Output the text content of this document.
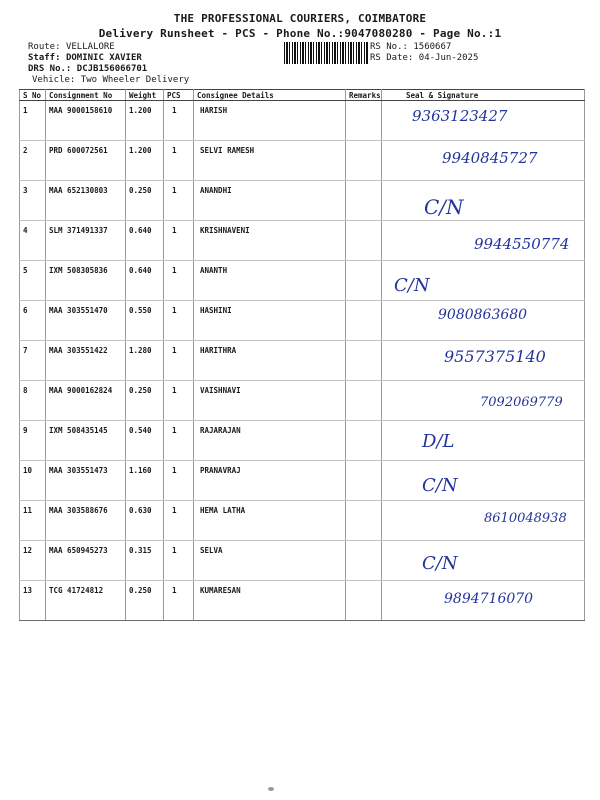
THE PROFESSIONAL COURIERS, COIMBATORE
Delivery Runsheet - PCS - Phone No.:9047080280 - Page No.:1
Route: VELLALORE
Staff: DOMINIC XAVIER
DRS No.: DCJB156066701
Vehicle: Two Wheeler Delivery
RS No.: 1560667
RS Date: 04-Jun-2025
S No	Consignment No	Weight	PCS	Consignee Details	Remarks	Seal & Signature
1	MAA 9000158610	1.200	1	HARISH		9363123427

2	PRD 600072561	1.200	1	SELVI RAMESH		9940845727

3	MAA 652130803	0.250	1	ANANDHI		C/N

4	SLM 371491337	0.640	1	KRISHNAVENI		9944550774

5	IXM 508305836	0.640	1	ANANTH		C/N

6	MAA 303551470	0.550	1	HASHINI		9080863680

7	MAA 303551422	1.280	1	HARITHRA		9557375140

8	MAA 9000162824	0.250	1	VAISHNAVI		7092069779

9	IXM 508435145	0.540	1	RAJARAJAN		D/L

10	MAA 303551473	1.160	1	PRANAVRAJ		C/N

11	MAA 303588676	0.630	1	HEMA LATHA		8610048938

12	MAA 650945273	0.315	1	SELVA		C/N

13	TCG 41724812	0.250	1	KUMARESAN		9894716070
